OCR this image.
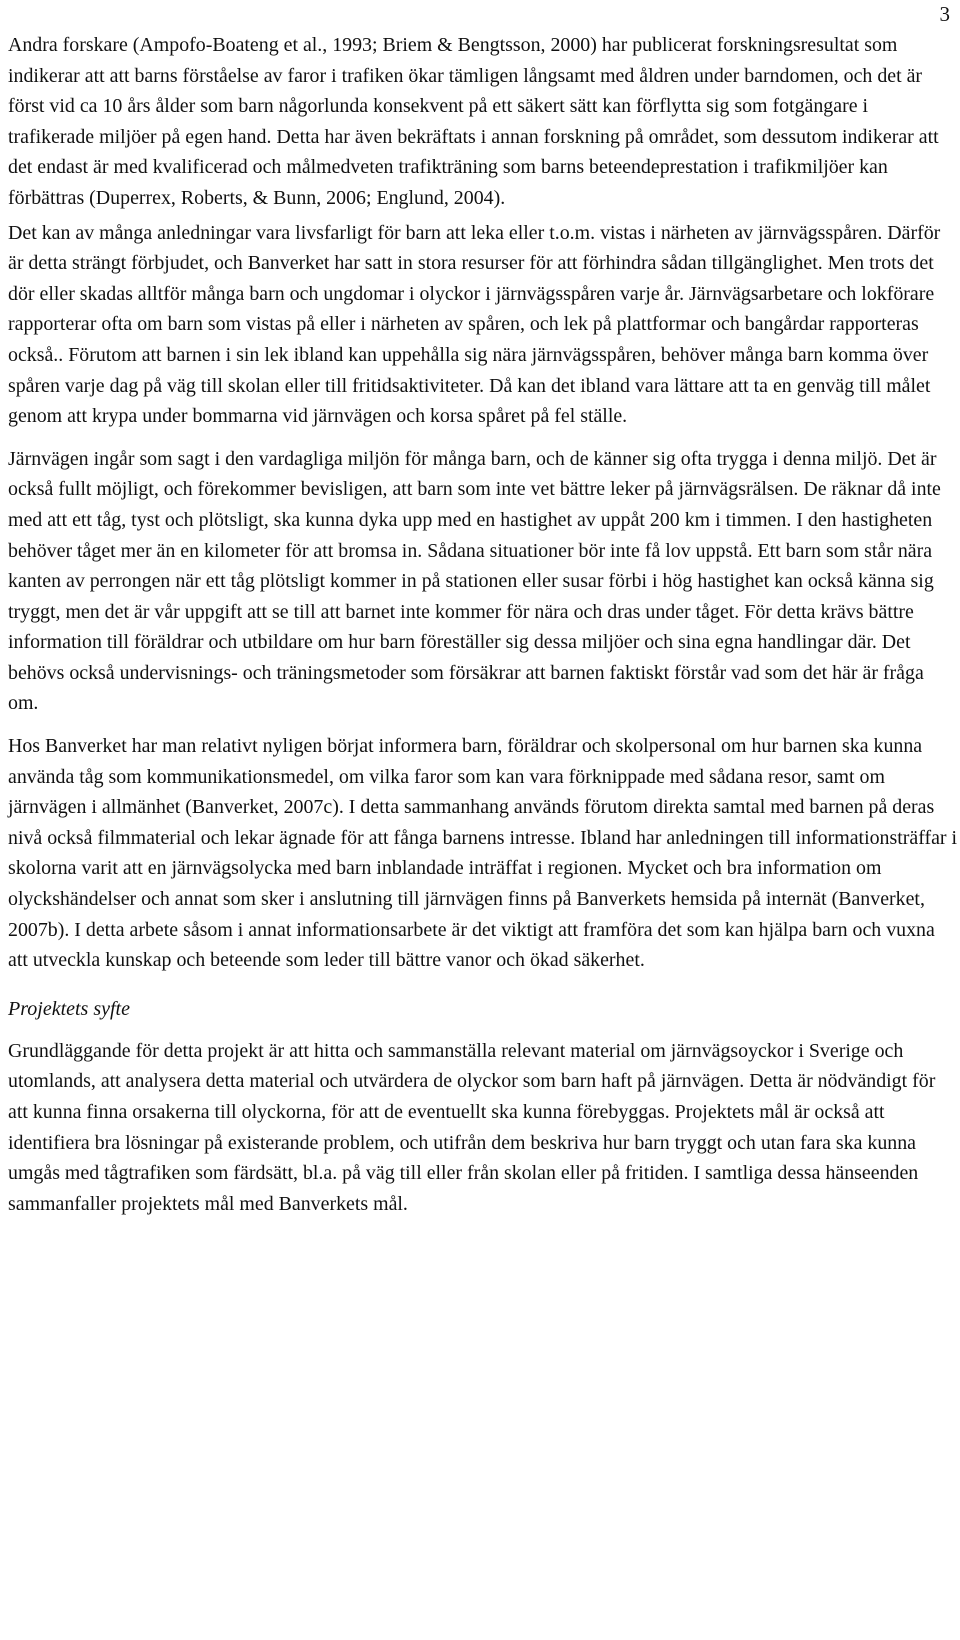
3

Andra forskare (Ampofo-Boateng et al., 1993; Briem & Bengtsson, 2000) har publicerat forskningsresultat som indikerar att att barns förståelse av faror i trafiken ökar tämligen långsamt med åldren under barndomen, och det är först vid ca 10 års ålder som barn någorlunda konsekvent på ett säkert sätt kan förflytta sig som fotgängare i trafikerade miljöer på egen hand. Detta har även bekräftats i annan forskning på området, som dessutom indikerar att det endast är med kvalificerad och målmedveten trafikträning som barns beteendeprestation i trafikmiljöer kan förbättras (Duperrex, Roberts, & Bunn, 2006; Englund, 2004).

Det kan av många anledningar vara livsfarligt för barn att leka eller t.o.m. vistas i närheten av järnvägsspåren. Därför är detta strängt förbjudet, och Banverket har satt in stora resurser för att förhindra sådan tillgänglighet. Men trots det dör eller skadas alltför många barn och ungdomar i olyckor i järnvägsspåren varje år. Järnvägsarbetare och lokförare rapporterar ofta om barn som vistas på eller i närheten av spåren, och lek på plattformar och bangårdar rapporteras också.. Förutom att barnen i sin lek ibland kan uppehålla sig nära järnvägsspåren, behöver många barn komma över spåren varje dag på väg till skolan eller till fritidsaktiviteter. Då kan det ibland vara lättare att ta en genväg till målet genom att krypa under bommarna vid järnvägen och korsa spåret på fel ställe.

Järnvägen ingår som sagt i den vardagliga miljön för många barn, och de känner sig ofta trygga i denna miljö. Det är också fullt möjligt, och förekommer bevisligen, att barn som inte vet bättre leker på järnvägsrälsen. De räknar då inte med att ett tåg, tyst och plötsligt, ska kunna dyka upp med en hastighet av uppåt 200 km i timmen. I den hastigheten behöver tåget mer än en kilometer för att bromsa in. Sådana situationer bör inte få lov uppstå. Ett barn som står nära kanten av perrongen när ett tåg plötsligt kommer in på stationen eller susar förbi i hög hastighet kan också känna sig tryggt, men det är vår uppgift att se till att barnet inte kommer för nära och dras under tåget. För detta krävs bättre information till föräldrar och utbildare om hur barn föreställer sig dessa miljöer och sina egna handlingar där. Det behövs också undervisnings- och träningsmetoder som försäkrar att barnen faktiskt förstår vad som det här är fråga om.

Hos Banverket har man relativt nyligen börjat informera barn, föräldrar och skolpersonal om hur barnen ska kunna använda tåg som kommunikationsmedel, om vilka faror som kan vara förknippade med sådana resor, samt om järnvägen i allmänhet (Banverket, 2007c). I detta sammanhang används förutom direkta samtal med barnen på deras nivå också filmmaterial och lekar ägnade för att fånga barnens intresse. Ibland har anledningen till informationsträffar i skolorna varit att en järnvägsolycka med barn inblandade inträffat i regionen. Mycket och bra information om olyckshändelser och annat som sker i anslutning till järnvägen finns på Banverkets hemsida på internät (Banverket, 2007b). I detta arbete såsom i annat informationsarbete är det viktigt att framföra det som kan hjälpa barn och vuxna att utveckla kunskap och beteende som leder till bättre vanor och ökad säkerhet.

Projektets syfte

Grundläggande för detta projekt är att hitta och sammanställa relevant material om järnvägsoyckor i Sverige och utomlands, att analysera detta material och utvärdera de olyckor som barn haft på järnvägen. Detta är nödvändigt för att kunna finna orsakerna till olyckorna, för att de eventuellt ska kunna förebyggas. Projektets mål är också att identifiera bra lösningar på existerande problem, och utifrån dem beskriva hur barn tryggt och utan fara ska kunna umgås med tågtrafiken som färdsätt, bl.a. på väg till eller från skolan eller på fritiden. I samtliga dessa hänseenden sammanfaller projektets mål med Banverkets mål.
